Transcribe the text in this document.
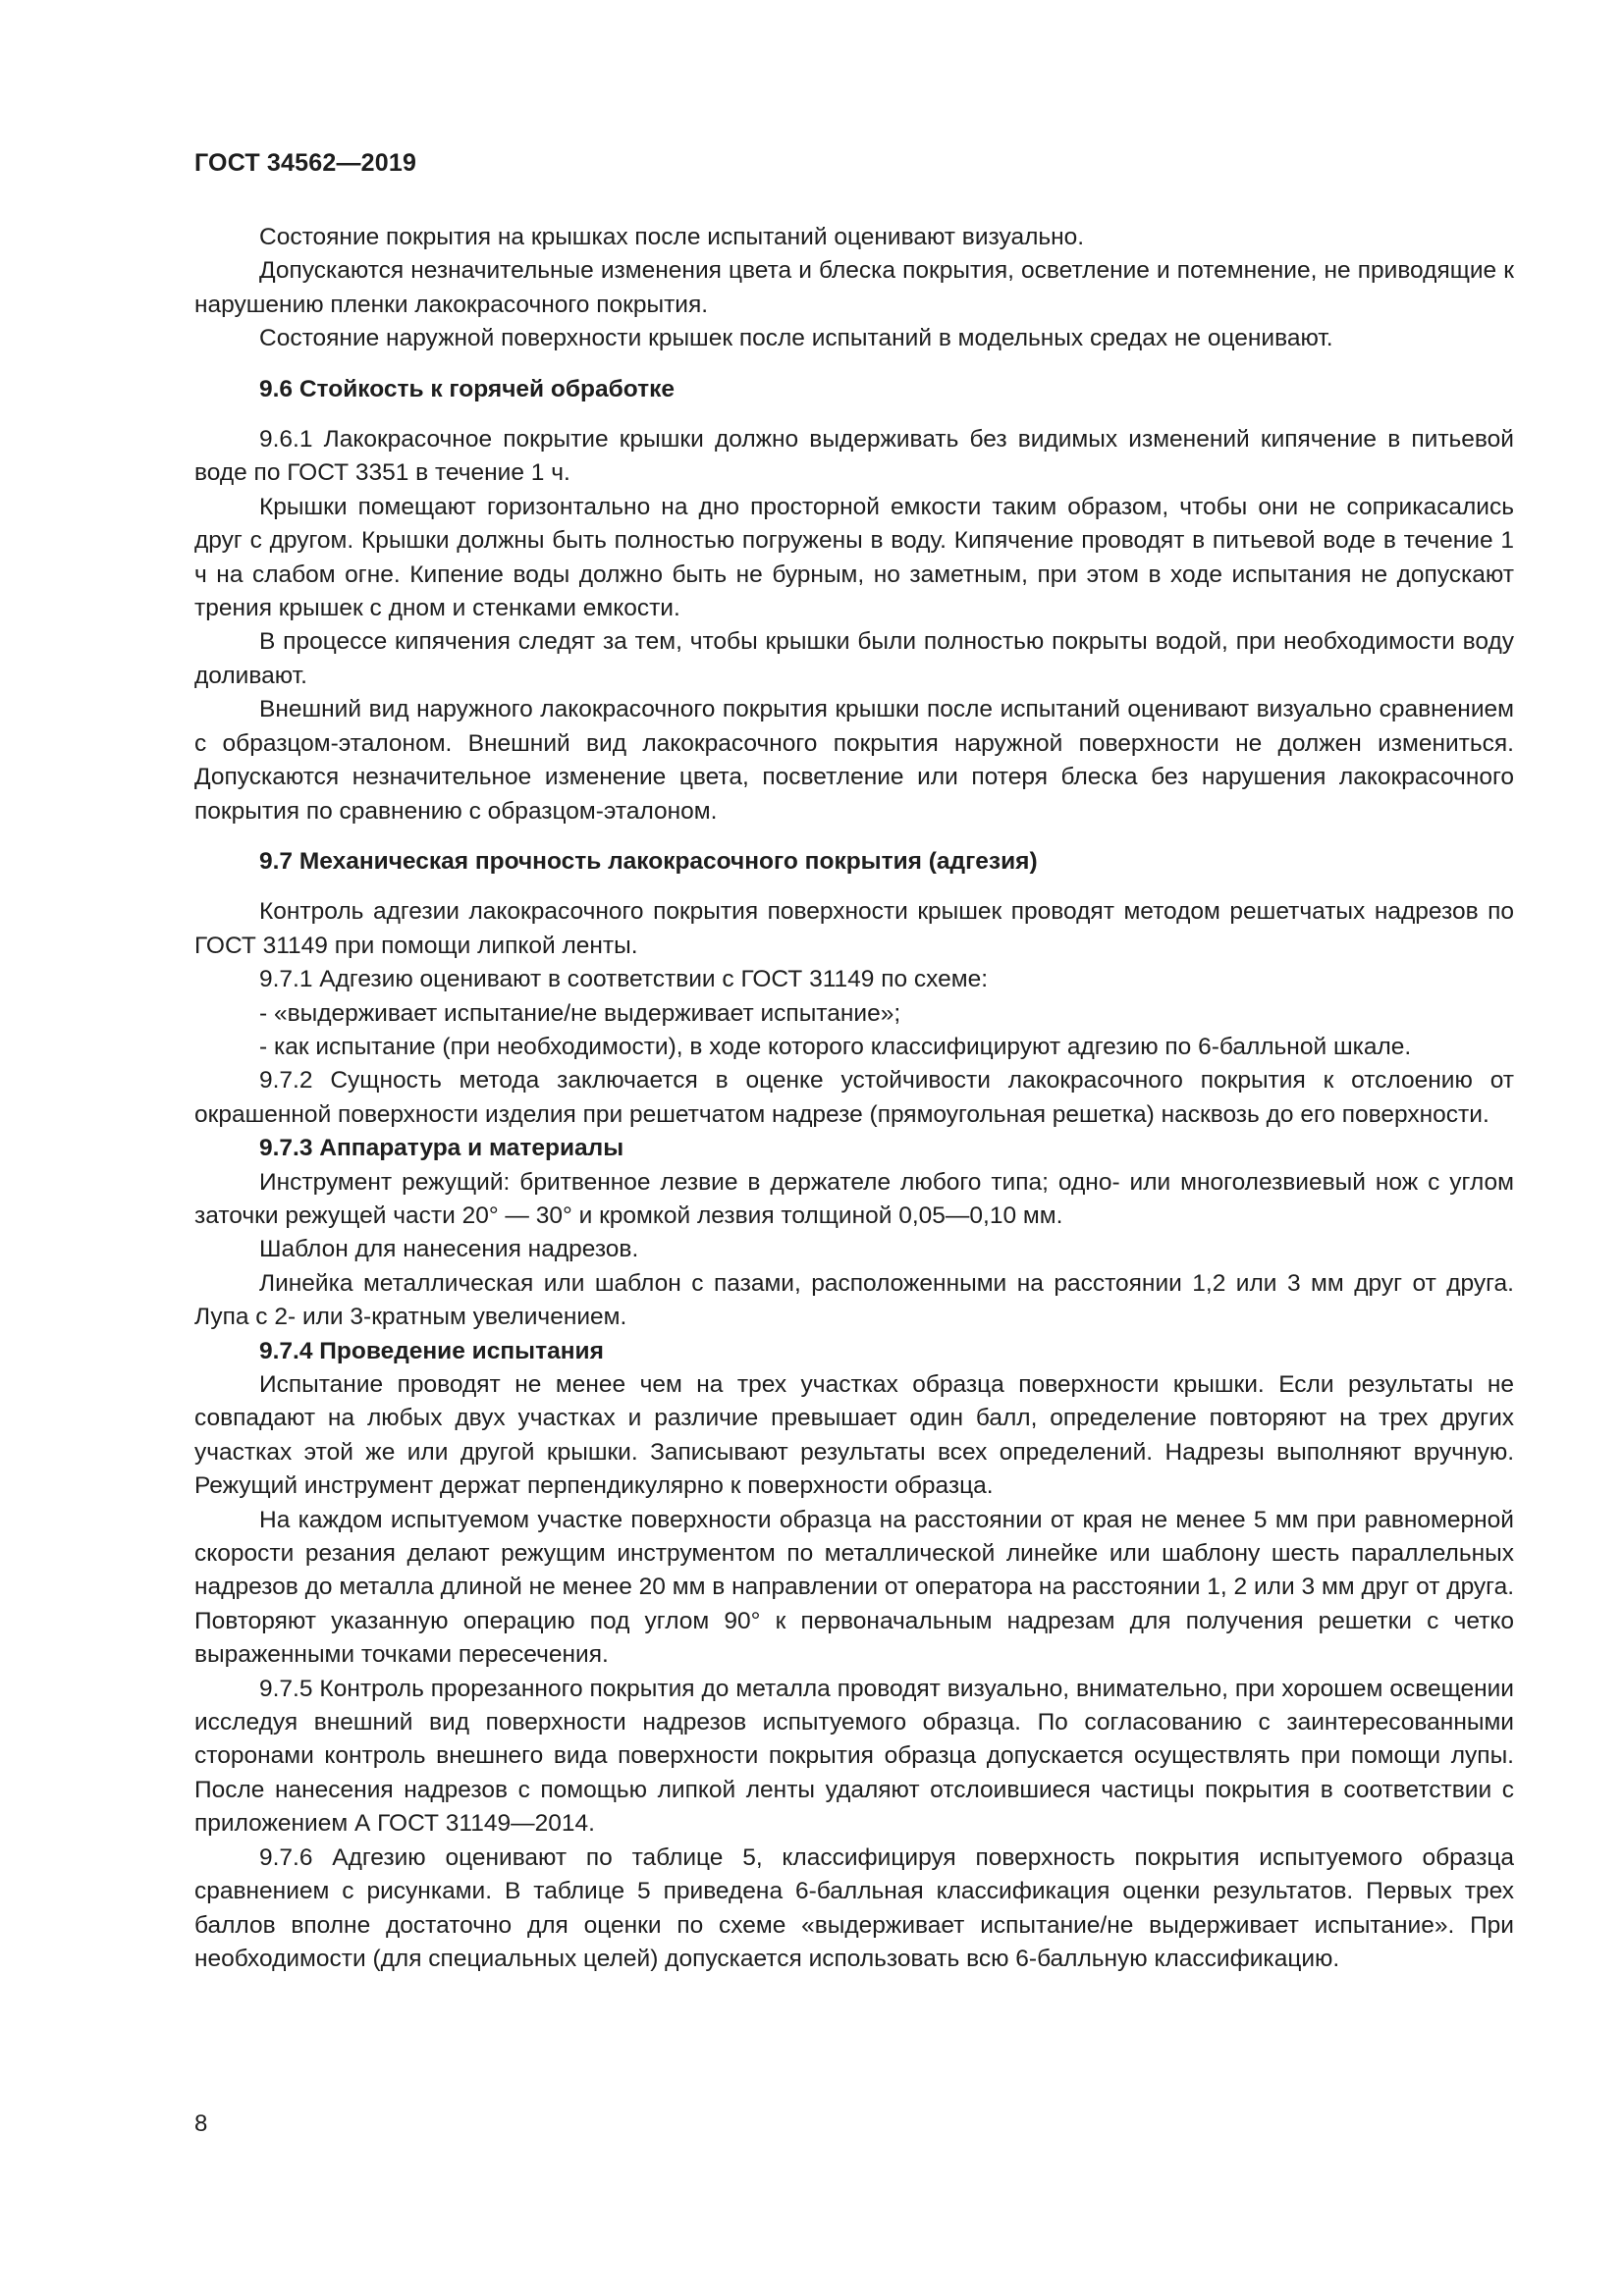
ГОСТ 34562—2019

Состояние покрытия на крышках после испытаний оценивают визуально.

Допускаются незначительные изменения цвета и блеска покрытия, осветление и потемнение, не приводящие к нарушению пленки лакокрасочного покрытия.

Состояние наружной поверхности крышек после испытаний в модельных средах не оценивают.

9.6 Стойкость к горячей обработке

9.6.1 Лакокрасочное покрытие крышки должно выдерживать без видимых изменений кипячение в питьевой воде по ГОСТ 3351 в течение 1 ч.

Крышки помещают горизонтально на дно просторной емкости таким образом, чтобы они не соприкасались друг с другом. Крышки должны быть полностью погружены в воду. Кипячение проводят в питьевой воде в течение 1 ч на слабом огне. Кипение воды должно быть не бурным, но заметным, при этом в ходе испытания не допускают трения крышек с дном и стенками емкости.

В процессе кипячения следят за тем, чтобы крышки были полностью покрыты водой, при необходимости воду доливают.

Внешний вид наружного лакокрасочного покрытия крышки после испытаний оценивают визуально сравнением с образцом-эталоном. Внешний вид лакокрасочного покрытия наружной поверхности не должен измениться. Допускаются незначительное изменение цвета, посветление или потеря блеска без нарушения лакокрасочного покрытия по сравнению с образцом-эталоном.

9.7 Механическая прочность лакокрасочного покрытия (адгезия)

Контроль адгезии лакокрасочного покрытия поверхности крышек проводят методом решетчатых надрезов по ГОСТ 31149 при помощи липкой ленты.

9.7.1 Адгезию оценивают в соответствии с ГОСТ 31149 по схеме:

- «выдерживает испытание/не выдерживает испытание»;

- как испытание (при необходимости), в ходе которого классифицируют адгезию по 6-балльной шкале.

9.7.2 Сущность метода заключается в оценке устойчивости лакокрасочного покрытия к отслоению от окрашенной поверхности изделия при решетчатом надрезе (прямоугольная решетка) насквозь до его поверхности.

9.7.3 Аппаратура и материалы

Инструмент режущий: бритвенное лезвие в держателе любого типа; одно- или многолезвиевый нож с углом заточки режущей части 20° — 30° и кромкой лезвия толщиной 0,05—0,10 мм.

Шаблон для нанесения надрезов.

Линейка металлическая или шаблон с пазами, расположенными на расстоянии 1,2 или 3 мм друг от друга. Лупа с 2- или 3-кратным увеличением.

9.7.4 Проведение испытания

Испытание проводят не менее чем на трех участках образца поверхности крышки. Если результаты не совпадают на любых двух участках и различие превышает один балл, определение повторяют на трех других участках этой же или другой крышки. Записывают результаты всех определений. Надрезы выполняют вручную. Режущий инструмент держат перпендикулярно к поверхности образца.

На каждом испытуемом участке поверхности образца на расстоянии от края не менее 5 мм при равномерной скорости резания делают режущим инструментом по металлической линейке или шаблону шесть параллельных надрезов до металла длиной не менее 20 мм в направлении от оператора на расстоянии 1, 2 или 3 мм друг от друга. Повторяют указанную операцию под углом 90° к первоначальным надрезам для получения решетки с четко выраженными точками пересечения.

9.7.5 Контроль прорезанного покрытия до металла проводят визуально, внимательно, при хорошем освещении исследуя внешний вид поверхности надрезов испытуемого образца. По согласованию с заинтересованными сторонами контроль внешнего вида поверхности покрытия образца допускается осуществлять при помощи лупы. После нанесения надрезов с помощью липкой ленты удаляют отслоившиеся частицы покрытия в соответствии с приложением А ГОСТ 31149—2014.

9.7.6 Адгезию оценивают по таблице 5, классифицируя поверхность покрытия испытуемого образца сравнением с рисунками. В таблице 5 приведена 6-балльная классификация оценки результатов. Первых трех баллов вполне достаточно для оценки по схеме «выдерживает испытание/не выдерживает испытание». При необходимости (для специальных целей) допускается использовать всю 6-балльную классификацию.

8
